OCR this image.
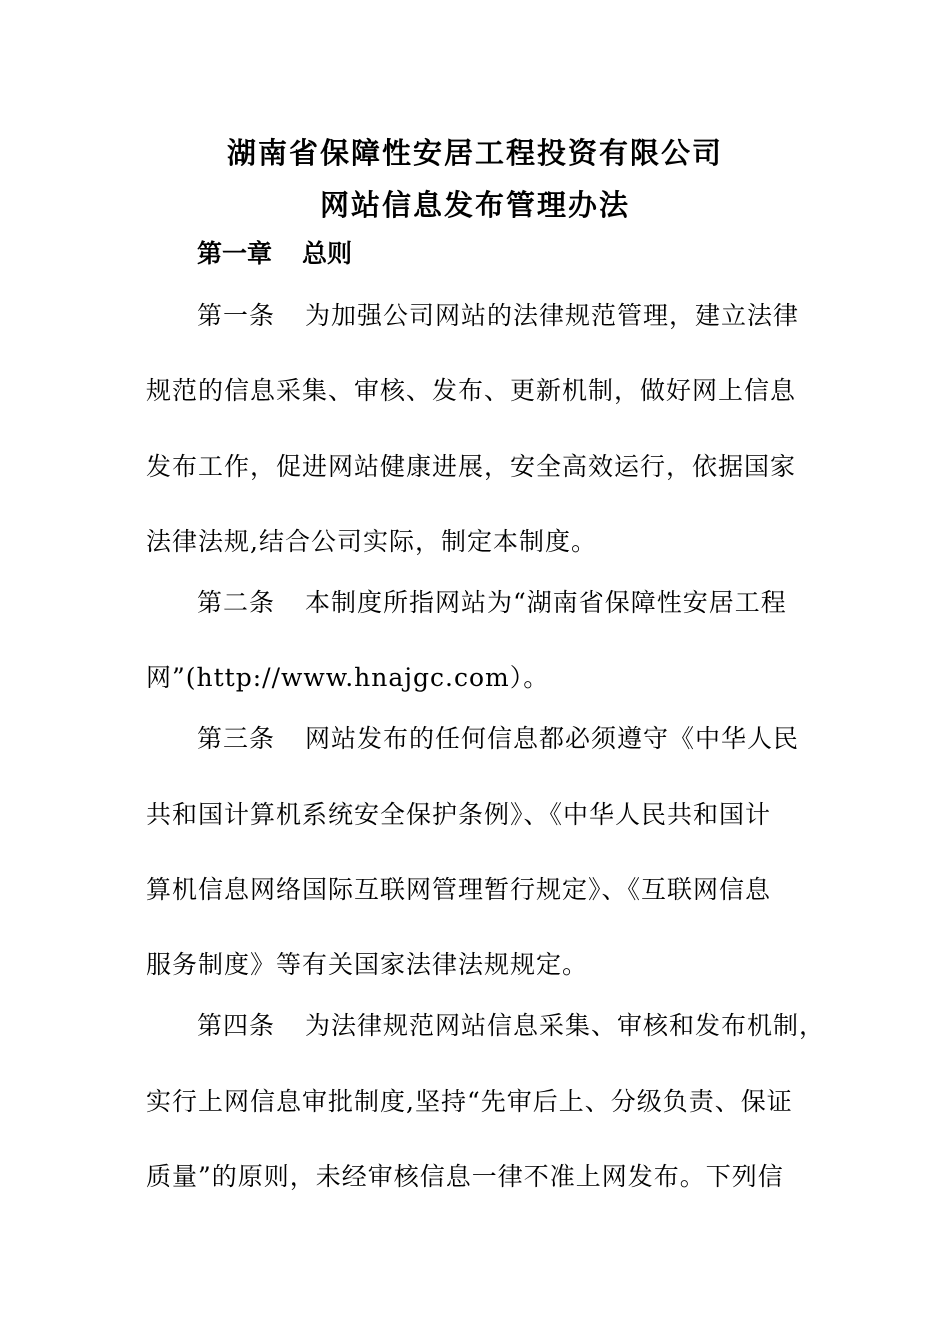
湖南省保障性安居工程投资有限公司
网站信息发布管理办法
第一章 总则
第一条 为加强公司网站的法律规范管理，建立法律
规范的信息采集、审核、发布、更新机制，做好网上信息
发布工作，促进网站健康进展，安全高效运行，依据国家
法律法规,结合公司实际，制定本制度。
第二条 本制度所指网站为“湖南省保障性安居工程
网”(http://www.hnajgc.com）。
第三条 网站发布的任何信息都必须遵守《中华人民
共和国计算机系统安全保护条例》、《中华人民共和国计
算机信息网络国际互联网管理暂行规定》、《互联网信息
服务制度》等有关国家法律法规规定。
第四条 为法律规范网站信息采集、审核和发布机制，
实行上网信息审批制度,坚持“先审后上、分级负责、保证
质量”的原则，未经审核信息一律不准上网发布。下列信
